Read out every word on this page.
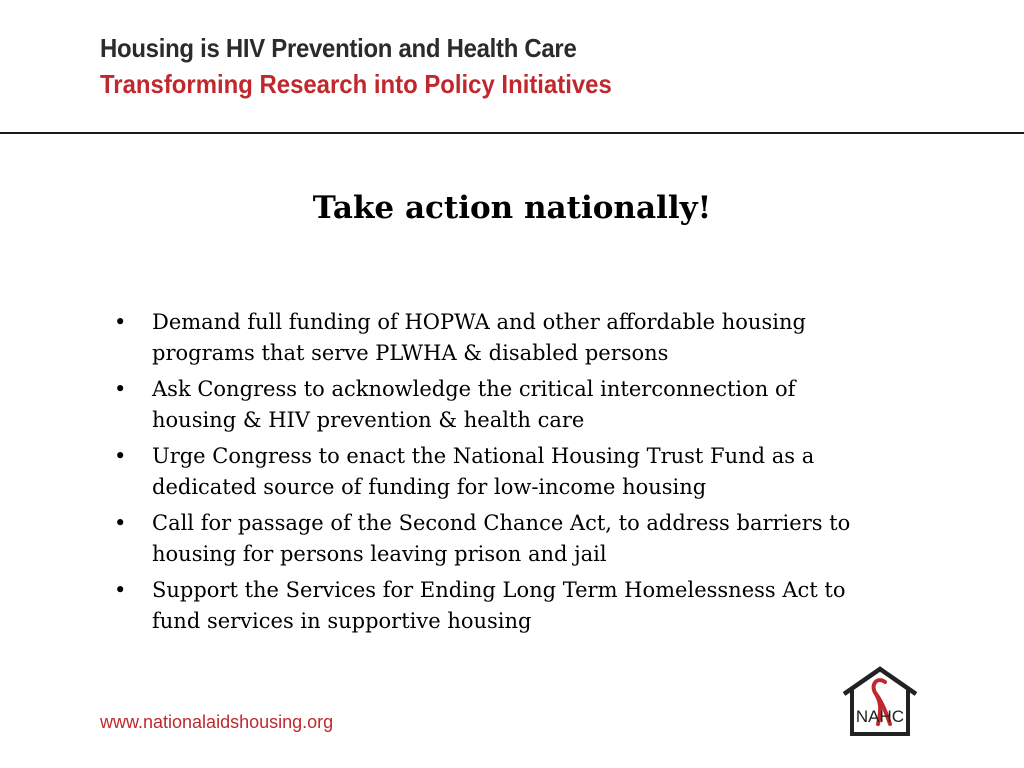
Housing is HIV Prevention and Health Care
Transforming Research into Policy Initiatives
Take action nationally!
• Demand full funding of HOPWA and other affordable housing
programs that serve PLWHA & disabled persons
• Ask Congress to acknowledge the critical interconnection of
housing & HIV prevention & health care
• Urge Congress to enact the National Housing Trust Fund as a
dedicated source of funding for low-income housing
• Call for passage of the Second Chance Act, to address barriers to
housing for persons leaving prison and jail
• Support the Services for Ending Long Term Homelessness Act to
fund services in supportive housing
www.nationalaidshousing.org	NAHC
